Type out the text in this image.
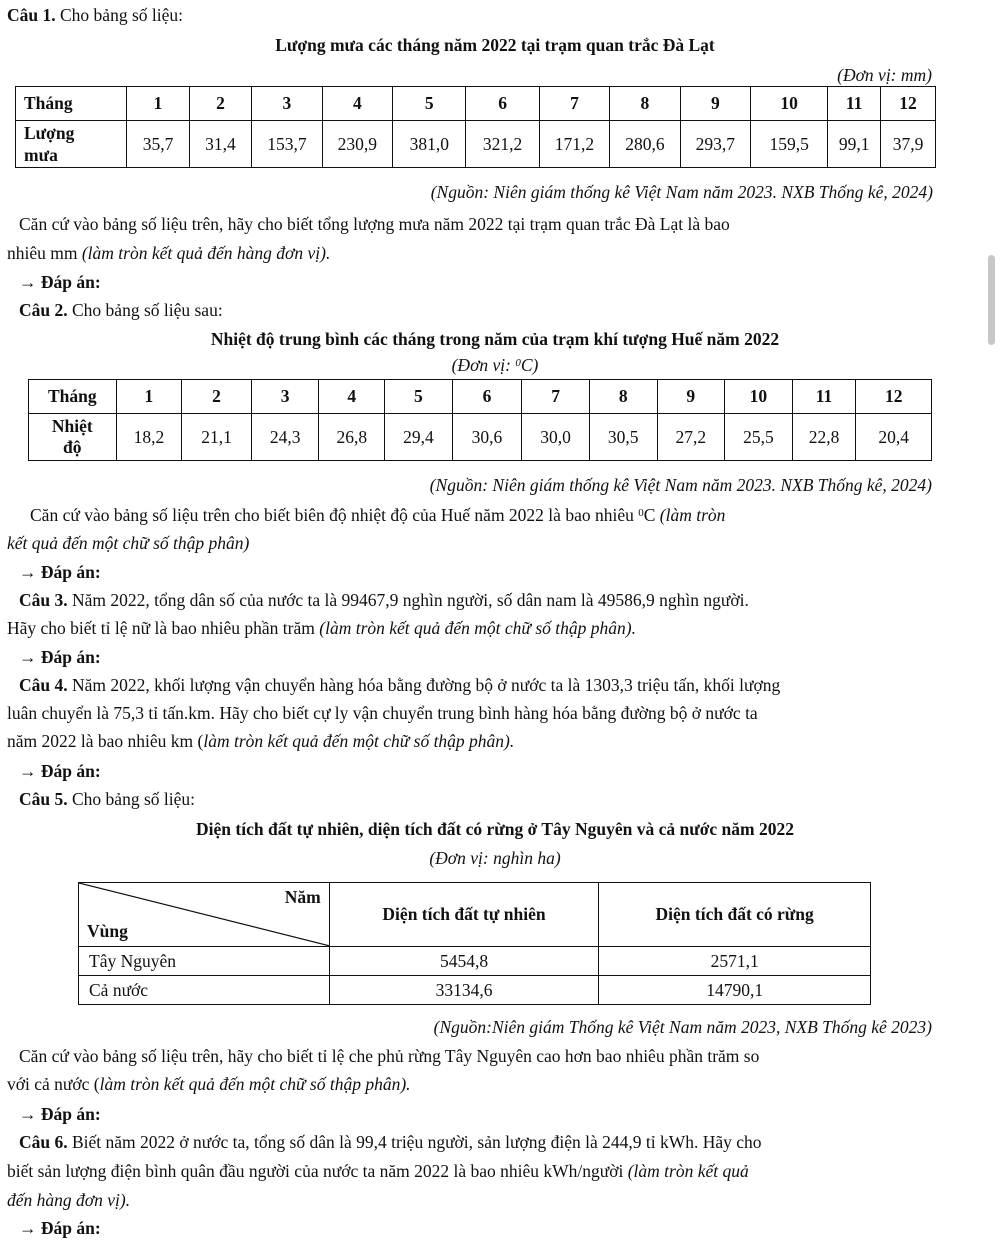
Câu 1. Cho bảng số liệu:
Lượng mưa các tháng năm 2022 tại trạm quan trắc Đà Lạt
(Đơn vị: mm)
Tháng	1	2	3	4	5	6	7	8	9	10	11	12
Lượng
mưa	35,7	31,4	153,7	230,9	381,0	321,2	171,2	280,6	293,7	159,5	99,1	37,9
(Nguồn: Niên giám thống kê Việt Nam năm 2023. NXB Thống kê, 2024)
Căn cứ vào bảng số liệu trên, hãy cho biết tổng lượng mưa năm 2022 tại trạm quan trắc Đà Lạt là bao
nhiêu mm (làm tròn kết quả đến hàng đơn vị).
→ Đáp án:
Câu 2. Cho bảng số liệu sau:
Nhiệt độ trung bình các tháng trong năm của trạm khí tượng Huế năm 2022
(Đơn vị: $^0$C)
Tháng	1	2	3	4	5	6	7	8	9	10	11	12
Nhiệt
độ	18,2	21,1	24,3	26,8	29,4	30,6	30,0	30,5	27,2	25,5	22,8	20,4
(Nguồn: Niên giám thống kê Việt Nam năm 2023. NXB Thống kê, 2024)
Căn cứ vào bảng số liệu trên cho biết biên độ nhiệt độ của Huế năm 2022 là bao nhiêu $^0$C (làm tròn
kết quả đến một chữ số thập phân)
→ Đáp án:
Câu 3. Năm 2022, tổng dân số của nước ta là 99467,9 nghìn người, số dân nam là 49586,9 nghìn người.
Hãy cho biết tỉ lệ nữ là bao nhiêu phần trăm (làm tròn kết quả đến một chữ số thập phân).
→ Đáp án:
Câu 4. Năm 2022, khối lượng vận chuyển hàng hóa bằng đường bộ ở nước ta là 1303,3 triệu tấn, khối lượng
luân chuyển là 75,3 tỉ tấn.km. Hãy cho biết cự ly vận chuyển trung bình hàng hóa bằng đường bộ ở nước ta
năm 2022 là bao nhiêu km (làm tròn kết quả đến một chữ số thập phân).
→ Đáp án:
Câu 5. Cho bảng số liệu:
Diện tích đất tự nhiên, diện tích đất có rừng ở Tây Nguyên và cả nước năm 2022
(Đơn vị: nghìn ha)
Năm
Vùng	Diện tích đất tự nhiên	Diện tích đất có rừng
Tây Nguyên	5454,8	2571,1
Cả nước	33134,6	14790,1
(Nguồn:Niên giám Thống kê Việt Nam năm 2023, NXB Thống kê 2023)
Căn cứ vào bảng số liệu trên, hãy cho biết tỉ lệ che phủ rừng Tây Nguyên cao hơn bao nhiêu phần trăm so
với cả nước (làm tròn kết quả đến một chữ số thập phân).
→ Đáp án:
Câu 6. Biết năm 2022 ở nước ta, tổng số dân là 99,4 triệu người, sản lượng điện là 244,9 tỉ kWh. Hãy cho
biết sản lượng điện bình quân đầu người của nước ta năm 2022 là bao nhiêu kWh/người (làm tròn kết quả
đến hàng đơn vị).
→ Đáp án:
